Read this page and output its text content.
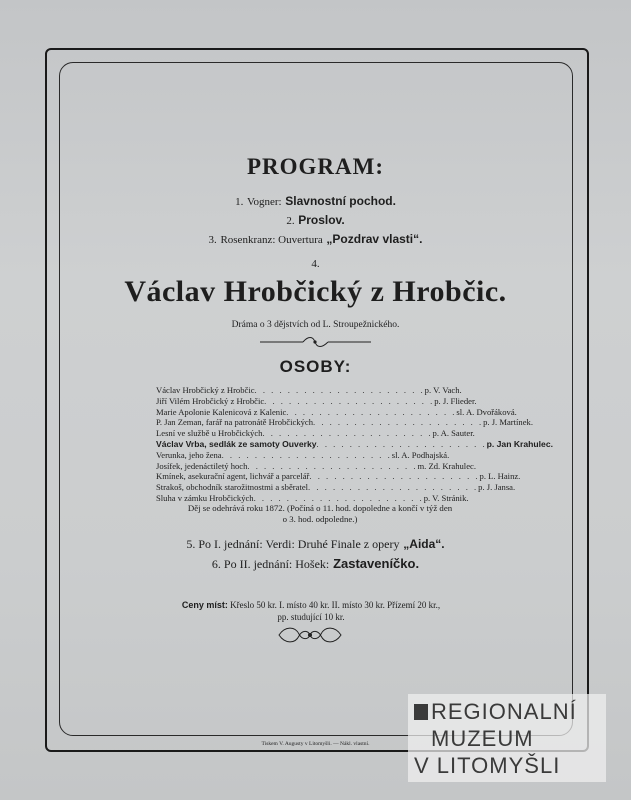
PROGRAM:
1. Vogner: Slavnostní pochod.
2. Proslov.
3. Rosenkranz: Ouvertura „Pozdrav vlasti“.
4.
Václav Hrobčický z Hrobčic.
Dráma o 3 dějstvích od L. Stroupežnického.
OSOBY:
Václav Hrobčický z Hrobčic . . . . . . . . . . . . . . . . . . . . . p. V. Vach.
Jiří Vilém Hrobčický z Hrobčic . . . . . . . . . . . . . . . . . . . . . p. J. Flieder.
Marie Apolonie Kalenicová z Kalenic . . . . . . . . . . . . . . . . . . . . . sl. A. Dvořáková.
P. Jan Zeman, farář na patronátě Hrobčických . . . . . . . . . . . . . . . . . . . . . p. J. Martínek.
Lesní ve službě u Hrobčických . . . . . . . . . . . . . . . . . . . . . p. A. Sauter.
Václav Vrba, sedlák ze samoty Ouverky . . . . . . . . . . . . . . . . . . . . . p. Jan Krahulec.
Verunka, jeho žena . . . . . . . . . . . . . . . . . . . . . sl. A. Podhajská.
Josífek, jedenáctiletý hoch . . . . . . . . . . . . . . . . . . . . . m. Zd. Krahulec.
Kmínek, asekurační agent, lichvář a parcelář . . . . . . . . . . . . . . . . . . . . . p. L. Hainz.
Strakoš, obchodník starožitnostmi a sběratel . . . . . . . . . . . . . . . . . . . . . p. J. Jansa.
Sluha v zámku Hrobčických . . . . . . . . . . . . . . . . . . . . . p. V. Stránik.
Děj se odehrává roku 1872. (Počíná o 11. hod. dopoledne a končí v týž den
o 3. hod. odpoledne.)
5. Po I. jednání: Verdi: Druhé Finale z opery „Aida“.
6. Po II. jednání: Hošek: Zastaveníčko.
Ceny míst: Křeslo 50 kr. I. místo 40 kr. II. místo 30 kr. Přízemí 20 kr.,
pp. studující 10 kr.
Tiskem V. Augusty v Litomyšli. — Nákl. vlastní.
REGIONALNÍ
MUZEUM
V LITOMYŠLI
